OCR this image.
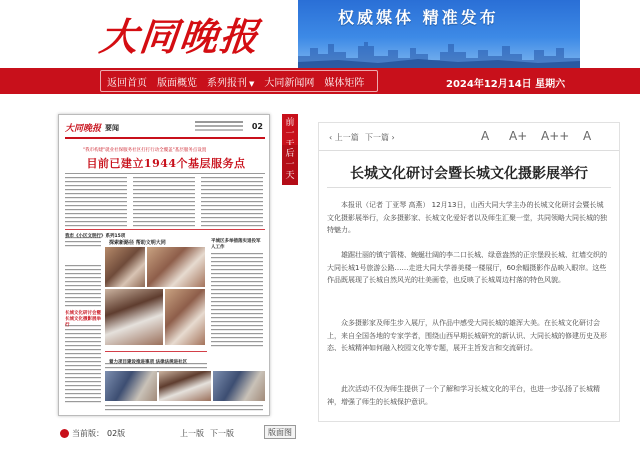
大同晚报	权威媒体 精准发布
返回首页 版面概览 系列报刊 ▼ 大同新闻网 媒体矩阵	2024年12月14日 星期六
大同晚报 要闻	02
"我市构建"就业社保服务社区打打行动全覆盖"基层服务点设置
目前已建立1944个基层服务点
我市《小区文明行》系列15项
长城文化研讨会暨长城文化摄影展举行
探索新路径 帮助文明大同	平城区多举措落实退役军人工作
着力项目建设推进事项 法律法规进社区
前一
后一天
‹ 上一篇 下一篇 ›	A A+ A++ A
长城文化研讨会暨长城文化摄影展举行

本报讯（记者 丁亚琴 高燕） 12月13日，山西大同大学主办的长城文化研讨会暨长城文化摄影展举行，众多摄影家、长城文化爱好者以及师生汇聚一堂，共同领略大同长城的独特魅力。

雄踞壮丽的镇宁箭楼、蜿蜒壮阔的李二口长城、绿意盎然的正宗堡段长城、红墙交织的大同长城1号旅游公路……走进大同大学善美楼一楼展厅，60余幅摄影作品映入眼帘。这些作品既展现了长城自然风光的壮美画卷，也反映了长城周边村落的特色风貌。

众多摄影家及师生步入展厅，从作品中感受大同长城的雄浑大美。在长城文化研讨会上，来自全国各地的专家学者，围绕山西早期长城研究的新认识、大同长城的修建历史及形态、长城精神如何融入校园文化等专题，展开主旨发言和交流研讨。

此次活动不仅为师生提供了一个了解和学习长城文化的平台，也进一步弘扬了长城精神，增强了师生的长城保护意识。

当前版： 02版	上一版 下一版	版面图
